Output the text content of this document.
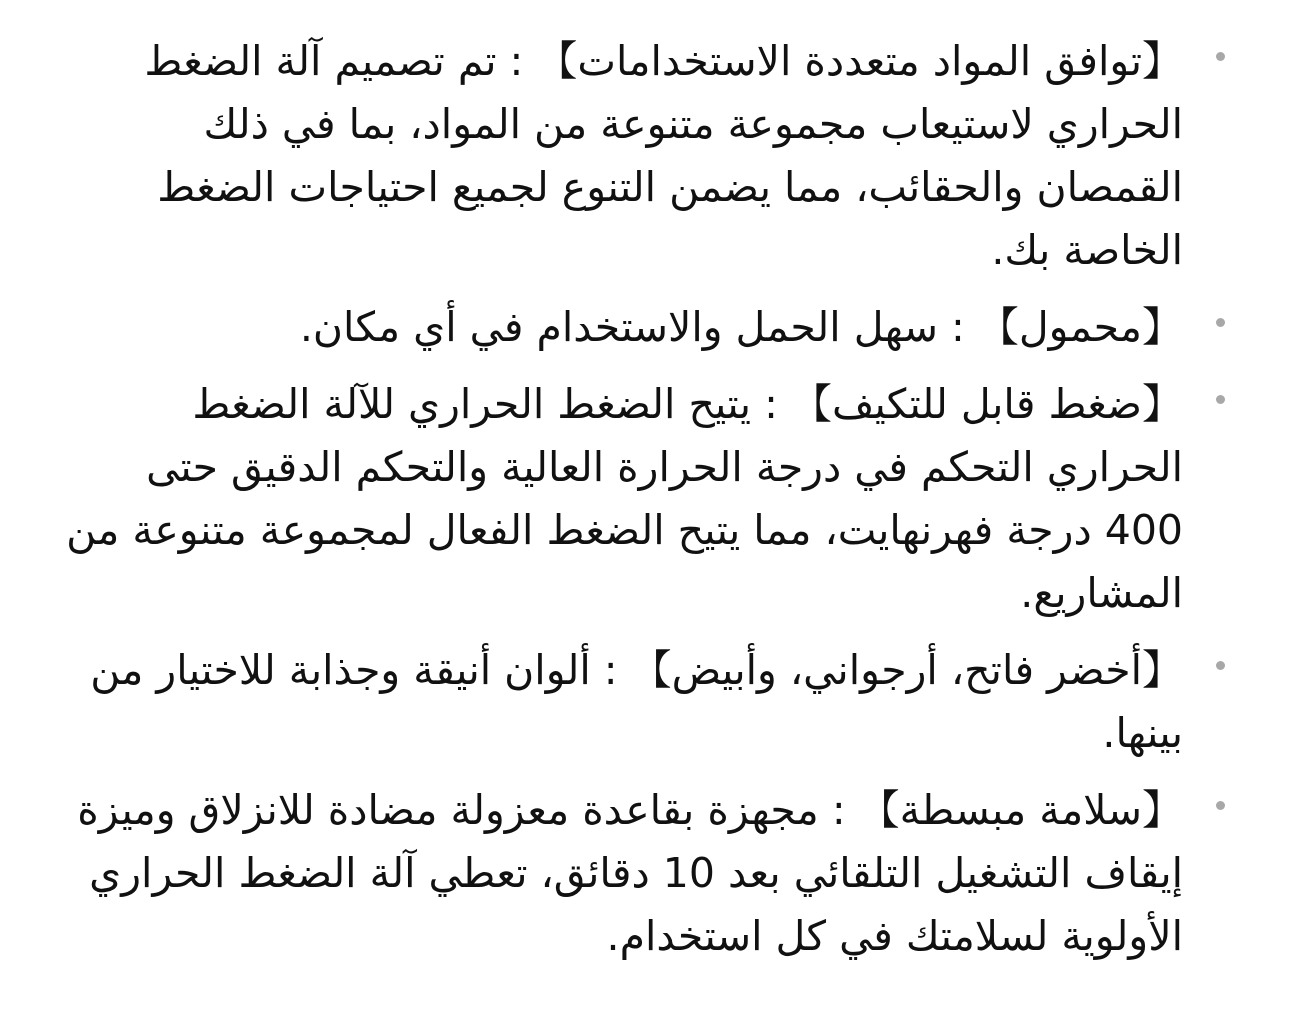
【توافق المواد متعددة الاستخدامات】 : تم تصميم آلة الضغط الحراري لاستيعاب مجموعة متنوعة من المواد، بما في ذلك القمصان والحقائب، مما يضمن التنوع لجميع احتياجات الضغط الخاصة بك.
【محمول】 : سهل الحمل والاستخدام في أي مكان.
【ضغط قابل للتكيف】 : يتيح الضغط الحراري للآلة الضغط الحراري التحكم في درجة الحرارة العالية والتحكم الدقيق حتى 400 درجة فهرنهايت، مما يتيح الضغط الفعال لمجموعة متنوعة من المشاريع.
【أخضر فاتح، أرجواني، وأبيض】 : ألوان أنيقة وجذابة للاختيار من بينها.
【سلامة مبسطة】 : مجهزة بقاعدة معزولة مضادة للانزلاق وميزة إيقاف التشغيل التلقائي بعد 10 دقائق، تعطي آلة الضغط الحراري الأولوية لسلامتك في كل استخدام.
